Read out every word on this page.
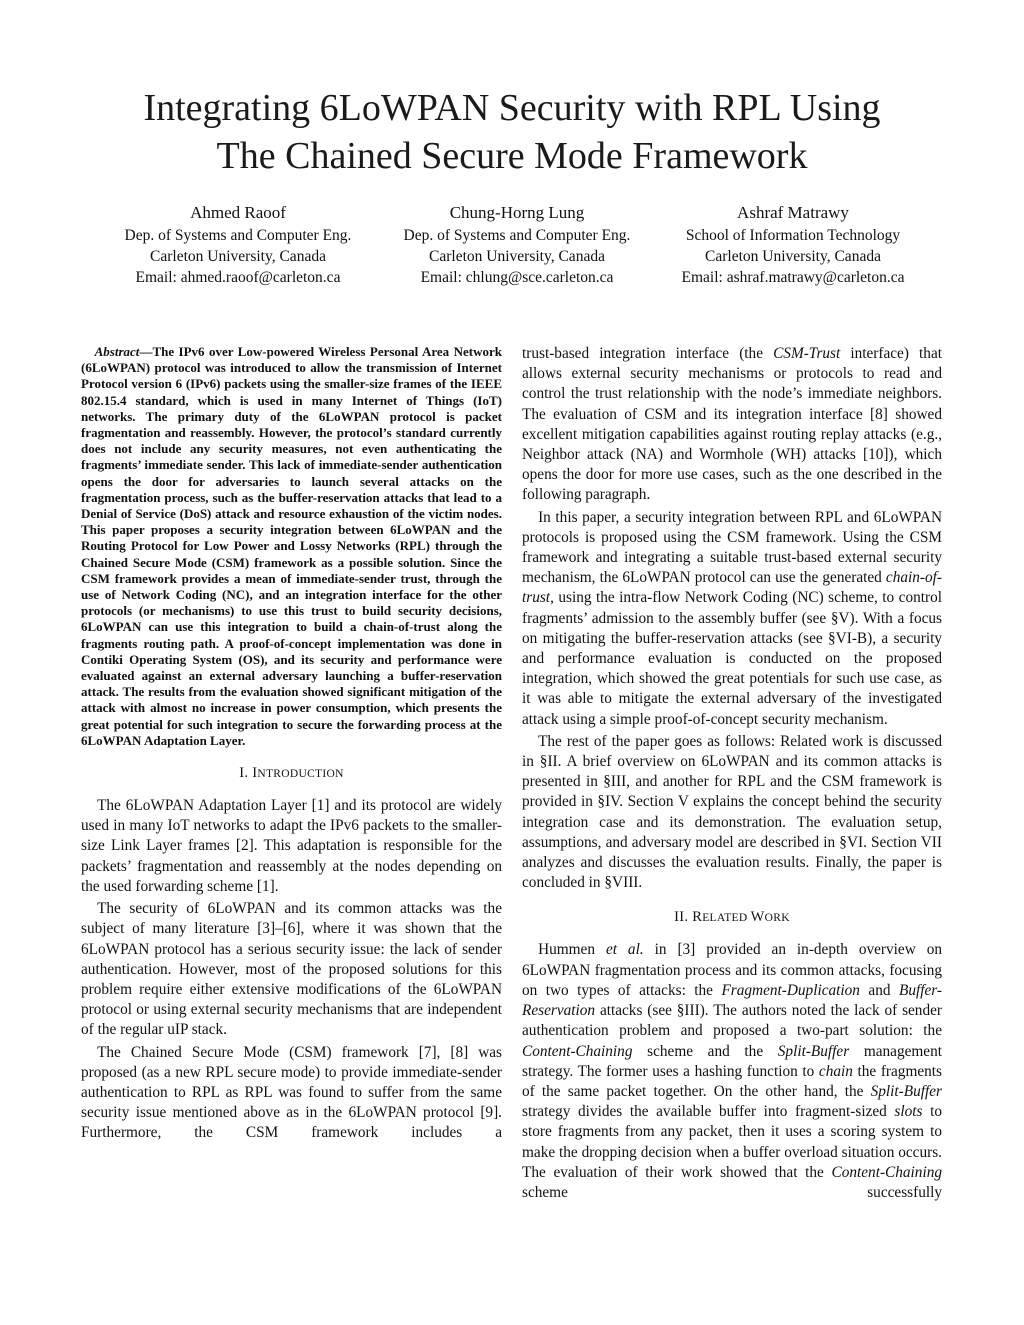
Integrating 6LoWPAN Security with RPL Using
The Chained Secure Mode Framework
Ahmed Raoof
Dep. of Systems and Computer Eng.
Carleton University, Canada
Email: ahmed.raoof@carleton.ca
Chung-Horng Lung
Dep. of Systems and Computer Eng.
Carleton University, Canada
Email: chlung@sce.carleton.ca
Ashraf Matrawy
School of Information Technology
Carleton University, Canada
Email: ashraf.matrawy@carleton.ca

Abstract—The IPv6 over Low-powered Wireless Personal Area Network (6LoWPAN) protocol was introduced to allow the transmission of Internet Protocol version 6 (IPv6) packets using the smaller-size frames of the IEEE 802.15.4 standard, which is used in many Internet of Things (IoT) networks. The primary duty of the 6LoWPAN protocol is packet fragmentation and reassembly. However, the protocol’s standard currently does not include any security measures, not even authenticating the fragments’ immediate sender. This lack of immediate-sender authentication opens the door for adversaries to launch several attacks on the fragmentation process, such as the buffer-reservation attacks that lead to a Denial of Service (DoS) attack and resource exhaustion of the victim nodes. This paper proposes a security integration between 6LoWPAN and the Routing Protocol for Low Power and Lossy Networks (RPL) through the Chained Secure Mode (CSM) framework as a possible solution. Since the CSM framework provides a mean of immediate-sender trust, through the use of Network Coding (NC), and an integration interface for the other protocols (or mechanisms) to use this trust to build security decisions, 6LoWPAN can use this integration to build a chain-of-trust along the fragments routing path. A proof-of-concept implementation was done in Contiki Operating System (OS), and its security and performance were evaluated against an external adversary launching a buffer-reservation attack. The results from the evaluation showed significant mitigation of the attack with almost no increase in power consumption, which presents the great potential for such integration to secure the forwarding process at the 6LoWPAN Adaptation Layer.

I. INTRODUCTION

The 6LoWPAN Adaptation Layer [1] and its protocol are widely used in many IoT networks to adapt the IPv6 packets to the smaller-size Link Layer frames [2]. This adaptation is responsible for the packets’ fragmentation and reassembly at the nodes depending on the used forwarding scheme [1].

The security of 6LoWPAN and its common attacks was the subject of many literature [3]–[6], where it was shown that the 6LoWPAN protocol has a serious security issue: the lack of sender authentication. However, most of the proposed solutions for this problem require either extensive modifications of the 6LoWPAN protocol or using external security mechanisms that are independent of the regular uIP stack.

The Chained Secure Mode (CSM) framework [7], [8] was proposed (as a new RPL secure mode) to provide immediate-sender authentication to RPL as RPL was found to suffer from the same security issue mentioned above as in the 6LoWPAN protocol [9]. Furthermore, the CSM framework includes a

trust-based integration interface (the CSM-Trust interface) that allows external security mechanisms or protocols to read and control the trust relationship with the node’s immediate neighbors. The evaluation of CSM and its integration interface [8] showed excellent mitigation capabilities against routing replay attacks (e.g., Neighbor attack (NA) and Wormhole (WH) attacks [10]), which opens the door for more use cases, such as the one described in the following paragraph.

In this paper, a security integration between RPL and 6LoWPAN protocols is proposed using the CSM framework. Using the CSM framework and integrating a suitable trust-based external security mechanism, the 6LoWPAN protocol can use the generated chain-of-trust, using the intra-flow Network Coding (NC) scheme, to control fragments’ admission to the assembly buffer (see §V). With a focus on mitigating the buffer-reservation attacks (see §VI-B), a security and performance evaluation is conducted on the proposed integration, which showed the great potentials for such use case, as it was able to mitigate the external adversary of the investigated attack using a simple proof-of-concept security mechanism.

The rest of the paper goes as follows: Related work is discussed in §II. A brief overview on 6LoWPAN and its common attacks is presented in §III, and another for RPL and the CSM framework is provided in §IV. Section V explains the concept behind the security integration case and its demonstration. The evaluation setup, assumptions, and adversary model are described in §VI. Section VII analyzes and discusses the evaluation results. Finally, the paper is concluded in §VIII.

II. RELATED WORK

Hummen et al. in [3] provided an in-depth overview on 6LoWPAN fragmentation process and its common attacks, focusing on two types of attacks: the Fragment-Duplication and Buffer-Reservation attacks (see §III). The authors noted the lack of sender authentication problem and proposed a two-part solution: the Content-Chaining scheme and the Split-Buffer management strategy. The former uses a hashing function to chain the fragments of the same packet together. On the other hand, the Split-Buffer strategy divides the available buffer into fragment-sized slots to store fragments from any packet, then it uses a scoring system to make the dropping decision when a buffer overload situation occurs. The evaluation of their work showed that the Content-Chaining scheme successfully
